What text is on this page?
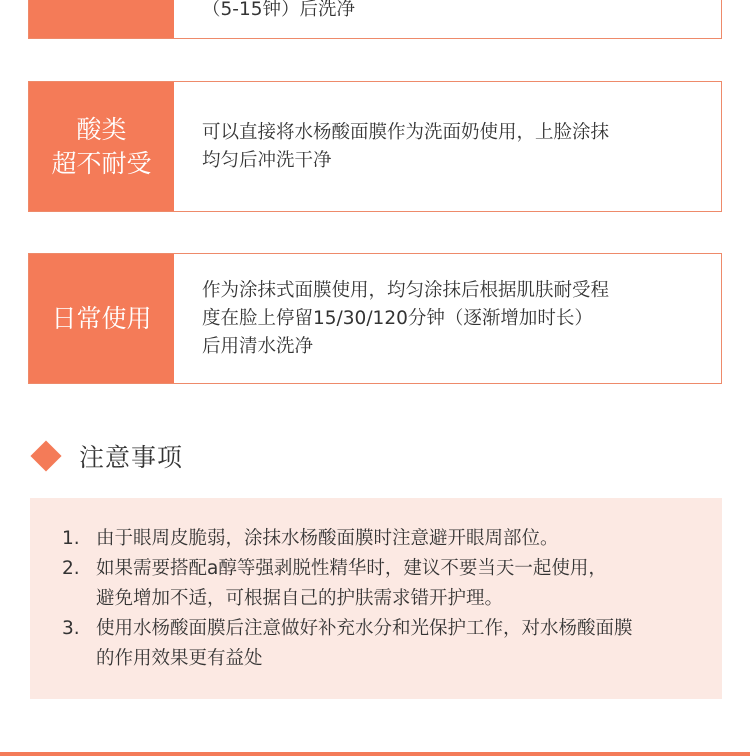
（5-15钟）后洗净
酸类
超不耐受
可以直接将水杨酸面膜作为洗面奶使用，上脸涂抹
均匀后冲洗干净
日常使用
作为涂抹式面膜使用，均匀涂抹后根据肌肤耐受程
度在脸上停留15/30/120分钟（逐渐增加时长）
后用清水洗净
注意事项
1. 由于眼周皮脆弱，涂抹水杨酸面膜时注意避开眼周部位。
2. 如果需要搭配a醇等强剥脱性精华时，建议不要当天一起使用，
避免增加不适，可根据自己的护肤需求错开护理。
3. 使用水杨酸面膜后注意做好补充水分和光保护工作，对水杨酸面膜
的作用效果更有益处
